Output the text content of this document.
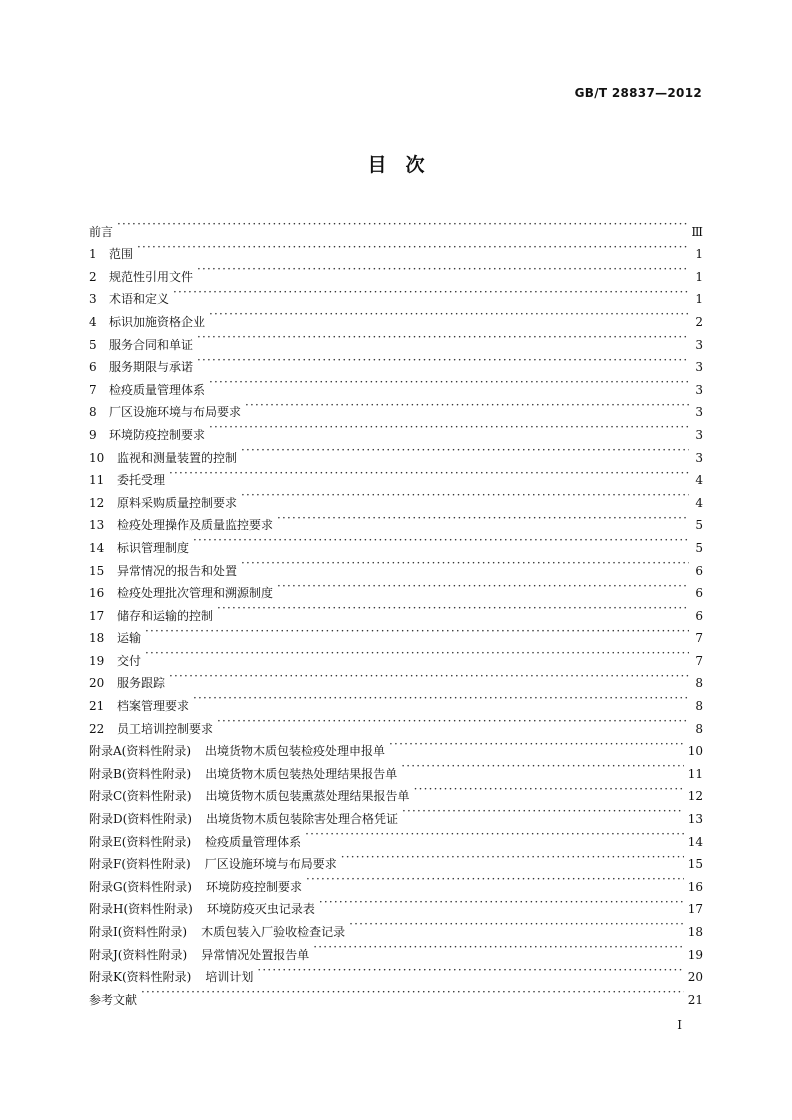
GB/T 28837—2012
目　次
前言 ·····	Ⅲ
1	范围 ·····	1
2	规范性引用文件 ·····	1
3	术语和定义 ·····	1
4	标识加施资格企业 ·····	2
5	服务合同和单证 ·····	3
6	服务期限与承诺 ·····	3
7	检疫质量管理体系 ·····	3
8	厂区设施环境与布局要求 ·····	3
9	环境防疫控制要求 ·····	3
10	监视和测量装置的控制 ·····	3
11	委托受理 ·····	4
12	原料采购质量控制要求 ·····	4
13	检疫处理操作及质量监控要求 ·····	5
14	标识管理制度 ·····	5
15	异常情况的报告和处置 ·····	6
16	检疫处理批次管理和溯源制度 ·····	6
17	储存和运输的控制 ·····	6
18	运输 ·····	7
19	交付 ·····	7
20	服务跟踪 ·····	8
21	档案管理要求 ·····	8
22	员工培训控制要求 ·····	8
附录A(资料性附录) 出境货物木质包装检疫处理申报单 ·····	10
附录B(资料性附录) 出境货物木质包装热处理结果报告单 ·····	11
附录C(资料性附录) 出境货物木质包装熏蒸处理结果报告单 ·····	12
附录D(资料性附录) 出境货物木质包装除害处理合格凭证 ·····	13
附录E(资料性附录) 检疫质量管理体系 ·····	14
附录F(资料性附录) 厂区设施环境与布局要求 ·····	15
附录G(资料性附录) 环境防疫控制要求 ·····	16
附录H(资料性附录) 环境防疫灭虫记录表 ·····	17
附录I(资料性附录) 木质包装入厂验收检查记录 ·····	18
附录J(资料性附录) 异常情况处置报告单 ·····	19
附录K(资料性附录) 培训计划 ·····	20
参考文献 ·····	21
I
